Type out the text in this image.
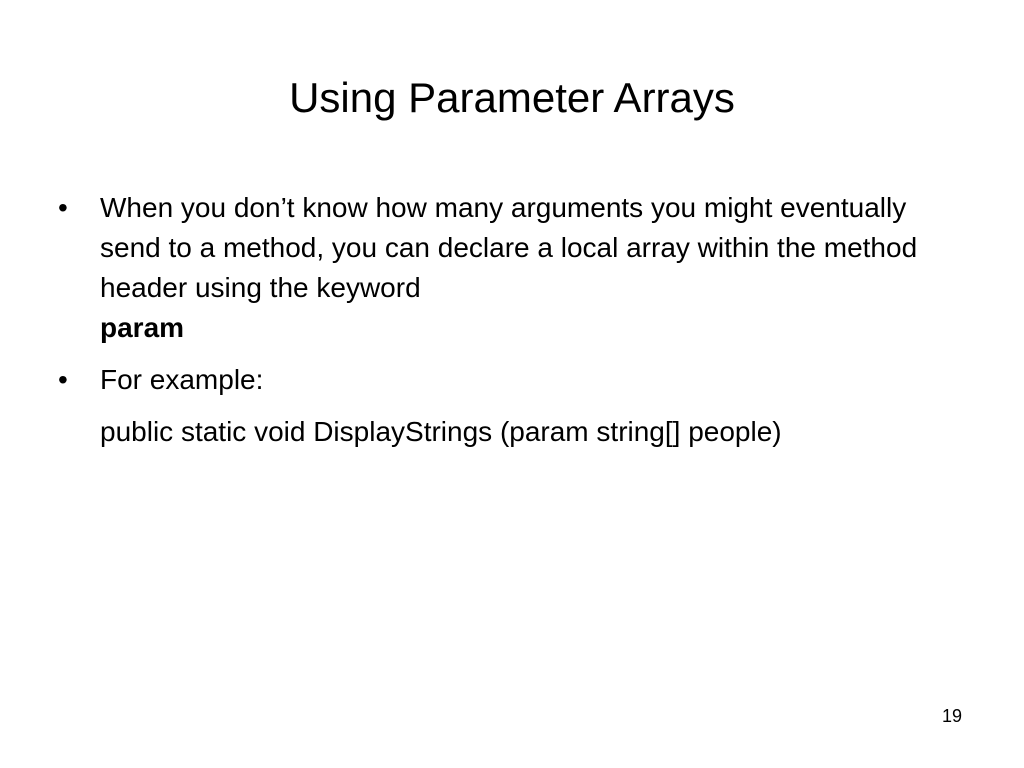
Using Parameter Arrays
•	When you don’t know how many arguments you might eventually send to a method, you can declare a local array within the method header using the keyword
param
•	For example:
public static void DisplayStrings (param string[] people)
19
